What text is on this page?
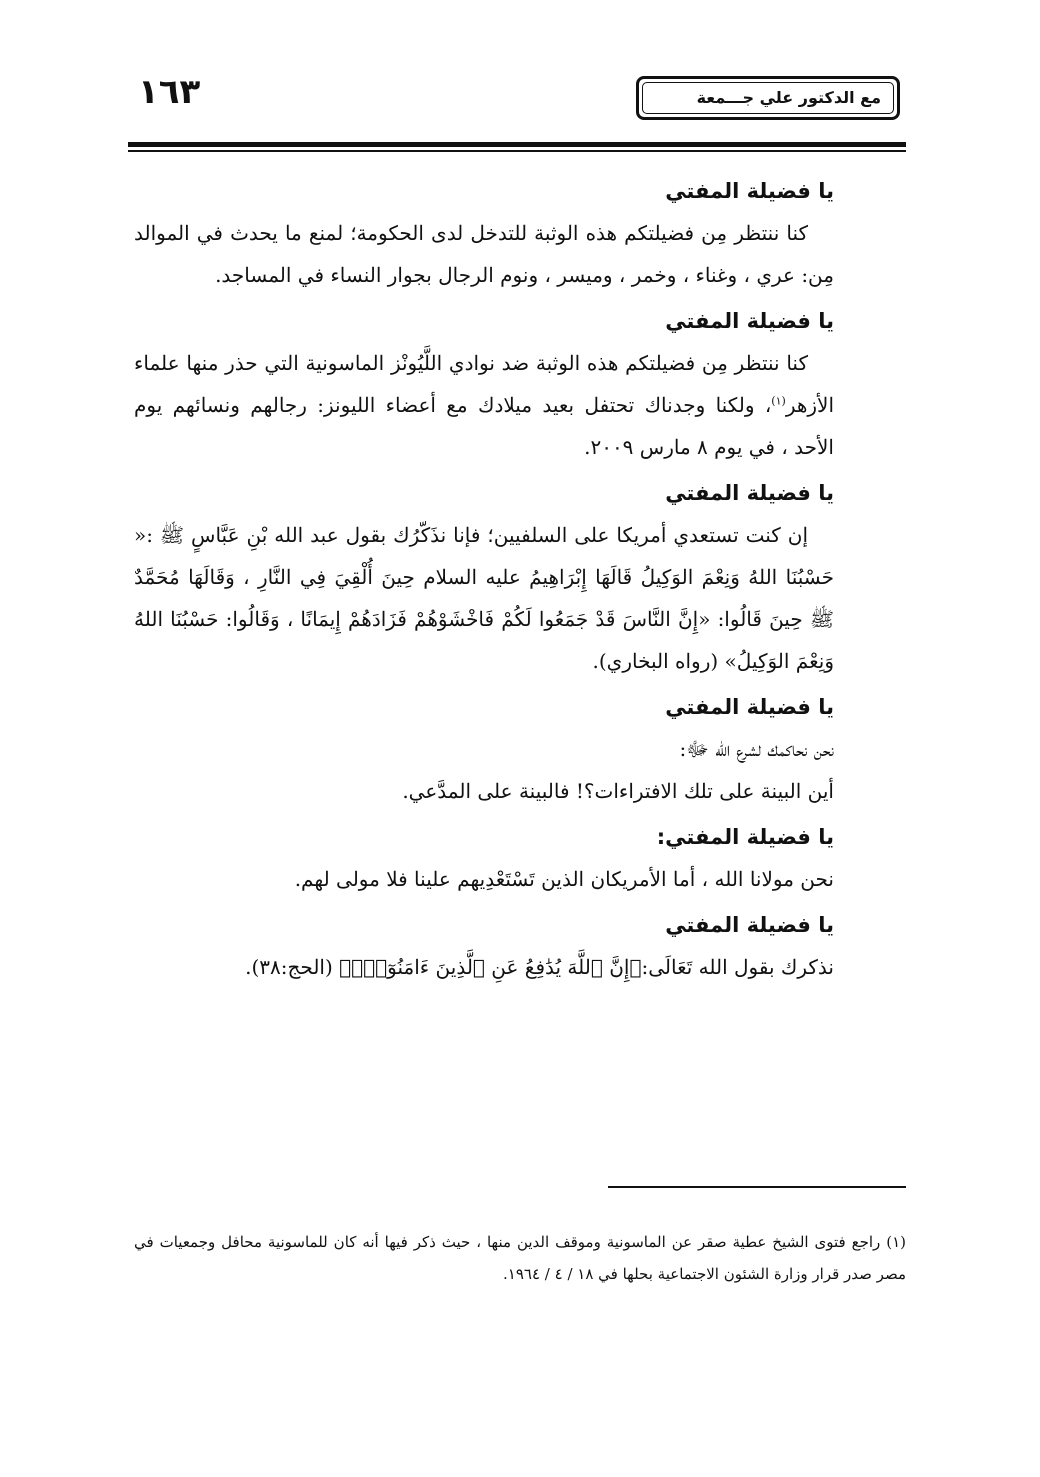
مع الدكتور علي جـــمعة
١٦٣

يا فضيلة المفتي

كنا ننتظر مِن فضيلتكم هذه الوثبة للتدخل لدى الحكومة؛ لمنع ما يحدث في الموالد مِن: عري ، وغناء ، وخمر ، وميسر ، ونوم الرجال بجوار النساء في المساجد.

يا فضيلة المفتي

كنا ننتظر مِن فضيلتكم هذه الوثبة ضد نوادي اللَّيُونْز الماسونية التي حذر منها علماء الأزهر$^{(١)}$، ولكنا وجدناك تحتفل بعيد ميلادك مع أعضاء الليونز: رجالهم ونسائهم يوم الأحد ، في يوم ٨ مارس ٢٠٠٩.

يا فضيلة المفتي

إن كنت تستعدي أمريكا على السلفيين؛ فإنا نذَكّرُك بقول عبد الله بْنِ عَبَّاسٍ ﷺ :« حَسْبُنَا اللهُ وَنِعْمَ الوَكِيلُ قَالَهَا إِبْرَاهِيمُ عليه السلام حِينَ أُلْقِيَ فِي النَّارِ ، وَقَالَهَا مُحَمَّدٌ ﷺ حِينَ قَالُوا: «إِنَّ النَّاسَ قَدْ جَمَعُوا لَكُمْ فَاخْشَوْهُمْ فَزَادَهُمْ إِيمَانًا ، وَقَالُوا: حَسْبُنَا اللهُ وَنِعْمَ الوَكِيلُ» (رواه البخاري).

يا فضيلة المفتي

نحن نحاكمك لشرع الله ﷻ:

أين البينة على تلك الافتراءات؟! فالبينة على المدَّعي.

يا فضيلة المفتي:

نحن مولانا الله ، أما الأمريكان الذين تَسْتَعْدِيهم علينا فلا مولى لهم.

يا فضيلة المفتي

نذكرك بقول الله تَعَالَى:﴿إِنَّ ٱللَّهَ يُدَٰفِعُ عَنِ ٱلَّذِينَ ءَامَنُوٓاْۗ﴾ (الحج:٣٨).

(١) راجع فتوى الشيخ عطية صقر عن الماسونية وموقف الدين منها ، حيث ذكر فيها أنه كان للماسونية محافل وجمعيات في مصر صدر قرار وزارة الشئون الاجتماعية بحلها في ١٨ / ٤ / ١٩٦٤.
